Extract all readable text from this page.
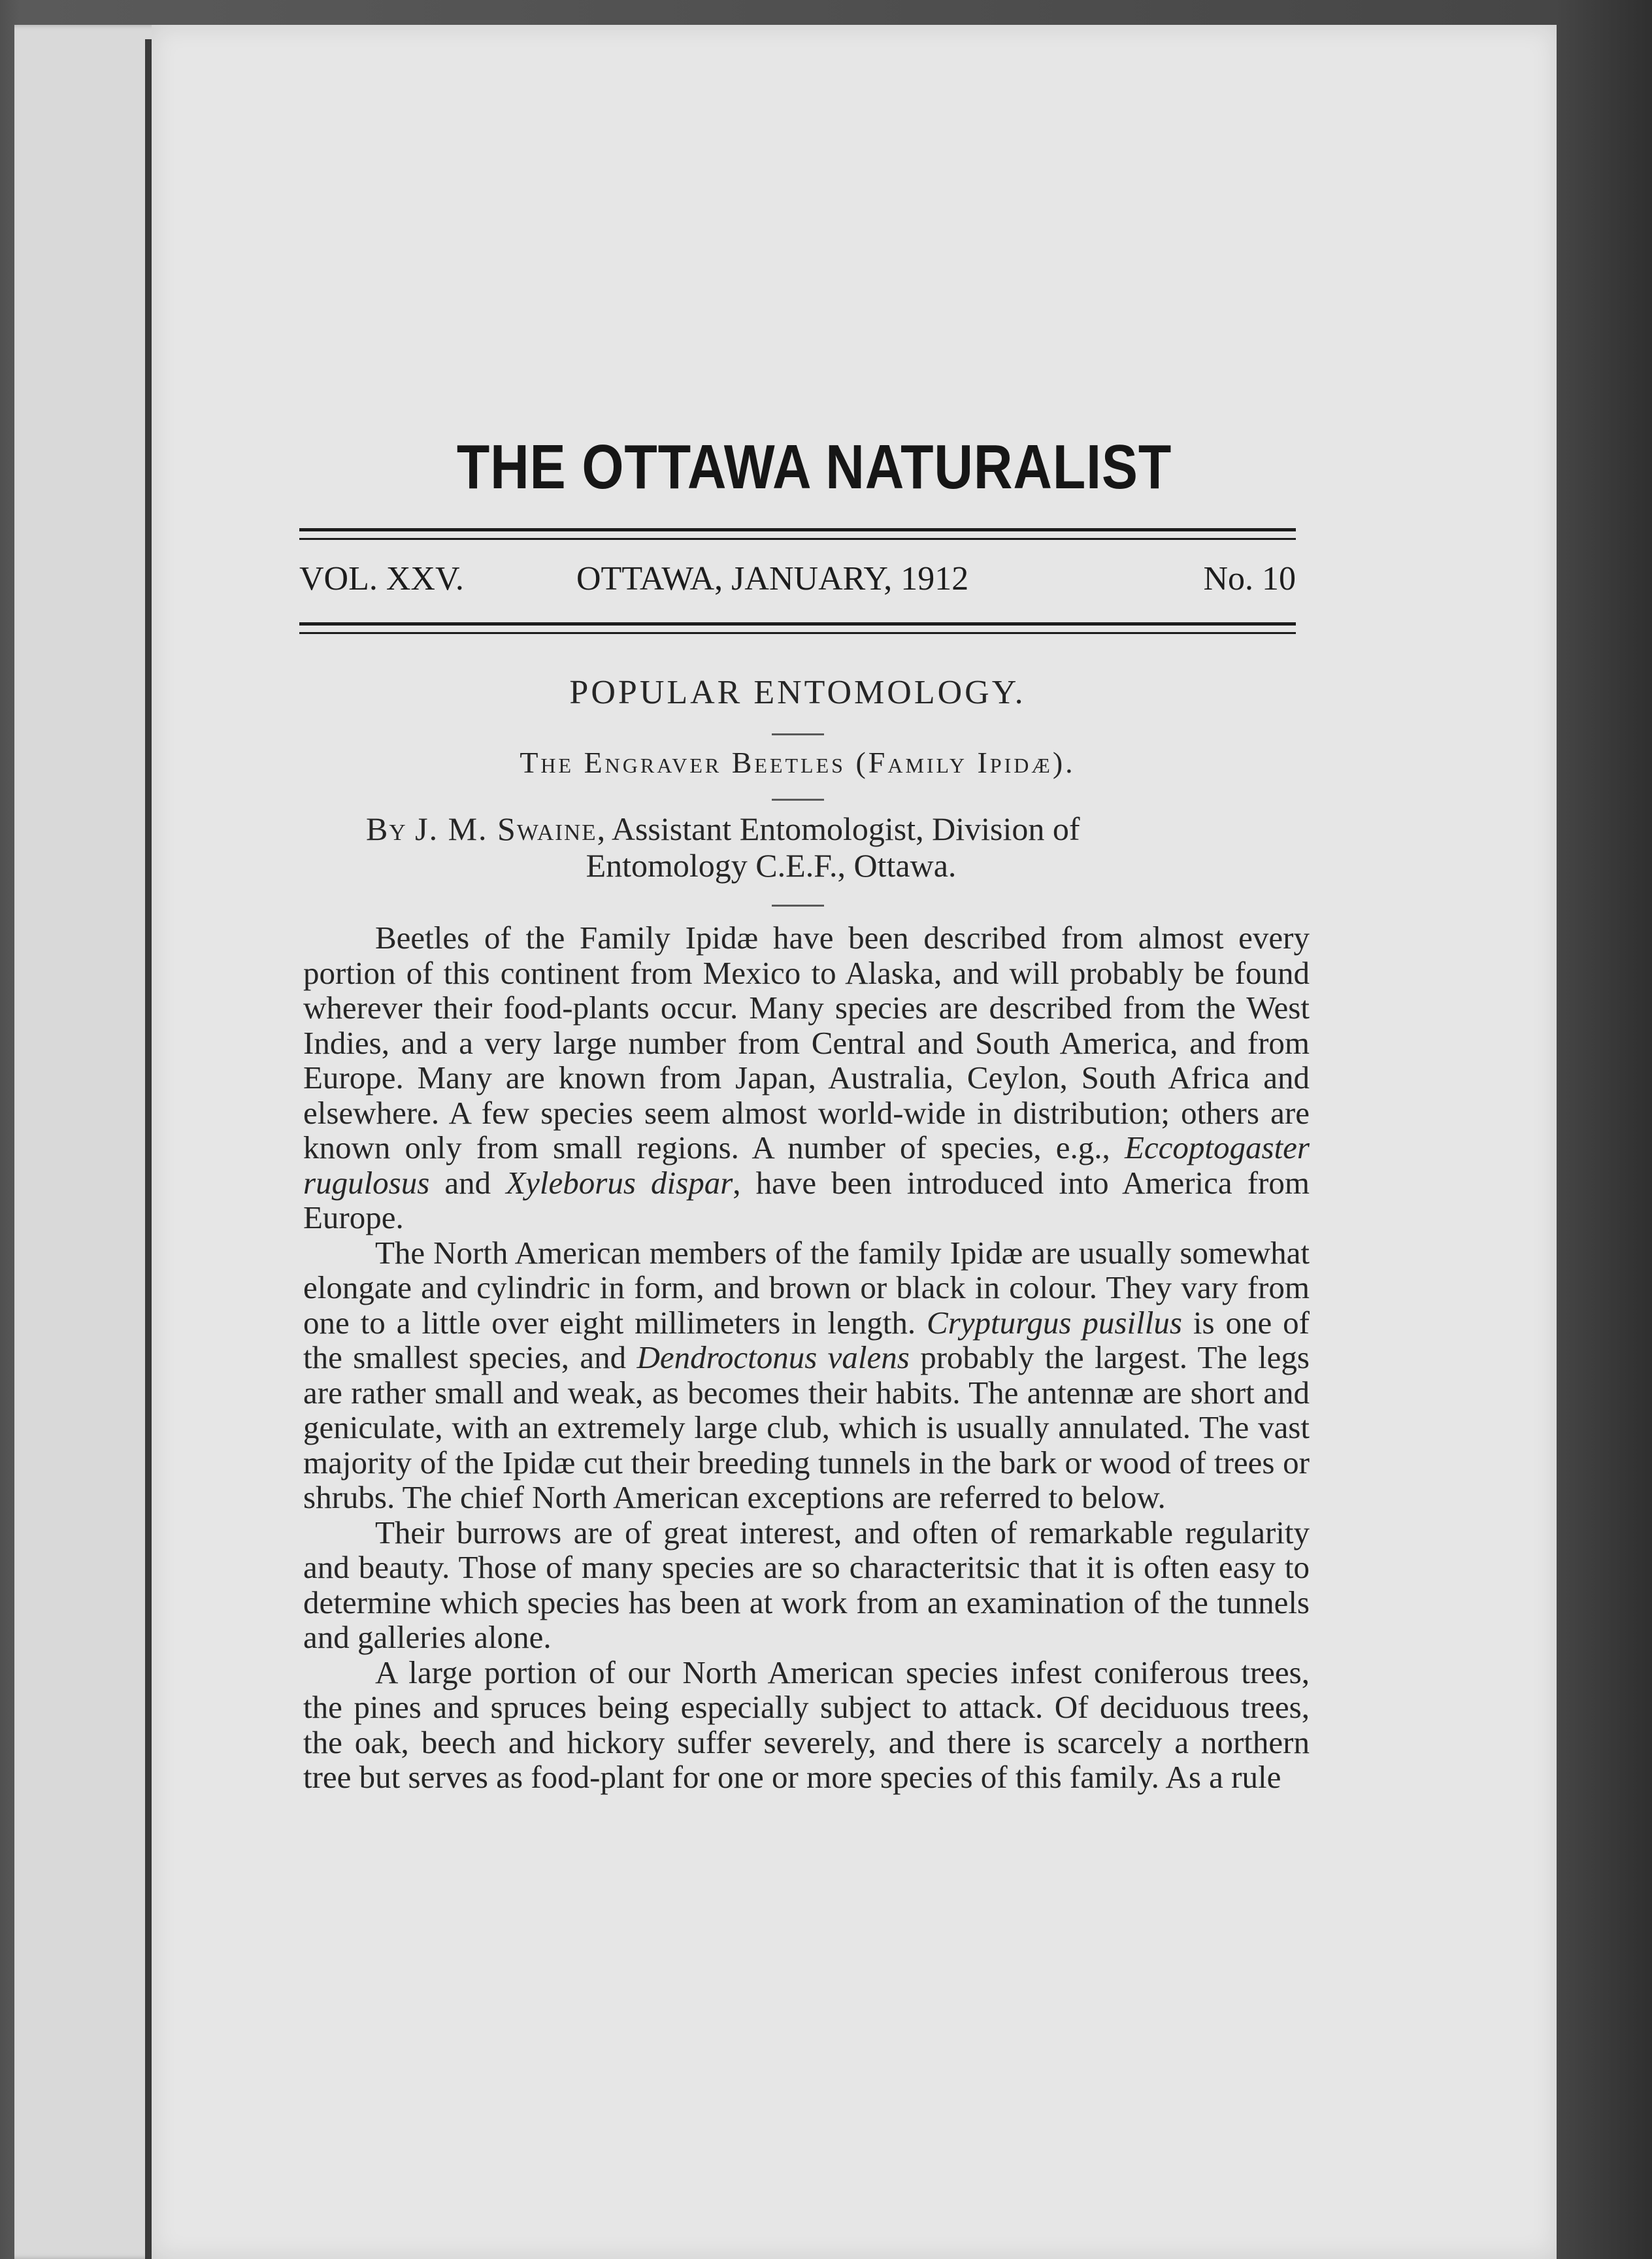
THE OTTAWA NATURALIST
VOL. XXV.	OTTAWA, JANUARY, 1912	No. 10
POPULAR ENTOMOLOGY.
The Engraver Beetles (Family Ipidæ).
By J. M. Swaine, Assistant Entomologist, Division of
Entomology C.E.F., Ottawa.

Beetles of the Family Ipidæ have been described from almost every portion of this continent from Mexico to Alaska, and will probably be found wherever their food-plants occur. Many species are described from the West Indies, and a very large number from Central and South America, and from Europe. Many are known from Japan, Australia, Ceylon, South Africa and elsewhere. A few species seem almost world-wide in distribution; others are known only from small regions. A number of species, e.g., Eccoptogaster rugulosus and Xyleborus dispar, have been introduced into America from Europe.

The North American members of the family Ipidæ are usually somewhat elongate and cylindric in form, and brown or black in colour. They vary from one to a little over eight millimeters in length. Crypturgus pusillus is one of the smallest species, and Dendroctonus valens probably the largest. The legs are rather small and weak, as becomes their habits. The antennæ are short and geniculate, with an extremely large club, which is usually annulated. The vast majority of the Ipidæ cut their breeding tunnels in the bark or wood of trees or shrubs. The chief North American exceptions are referred to below.

Their burrows are of great interest, and often of remarkable regularity and beauty. Those of many species are so characteritsic that it is often easy to determine which species has been at work from an examination of the tunnels and galleries alone.

A large portion of our North American species infest coniferous trees, the pines and spruces being especially subject to attack. Of deciduous trees, the oak, beech and hickory suffer severely, and there is scarcely a northern tree but serves as food-plant for one or more species of this family. As a rule
